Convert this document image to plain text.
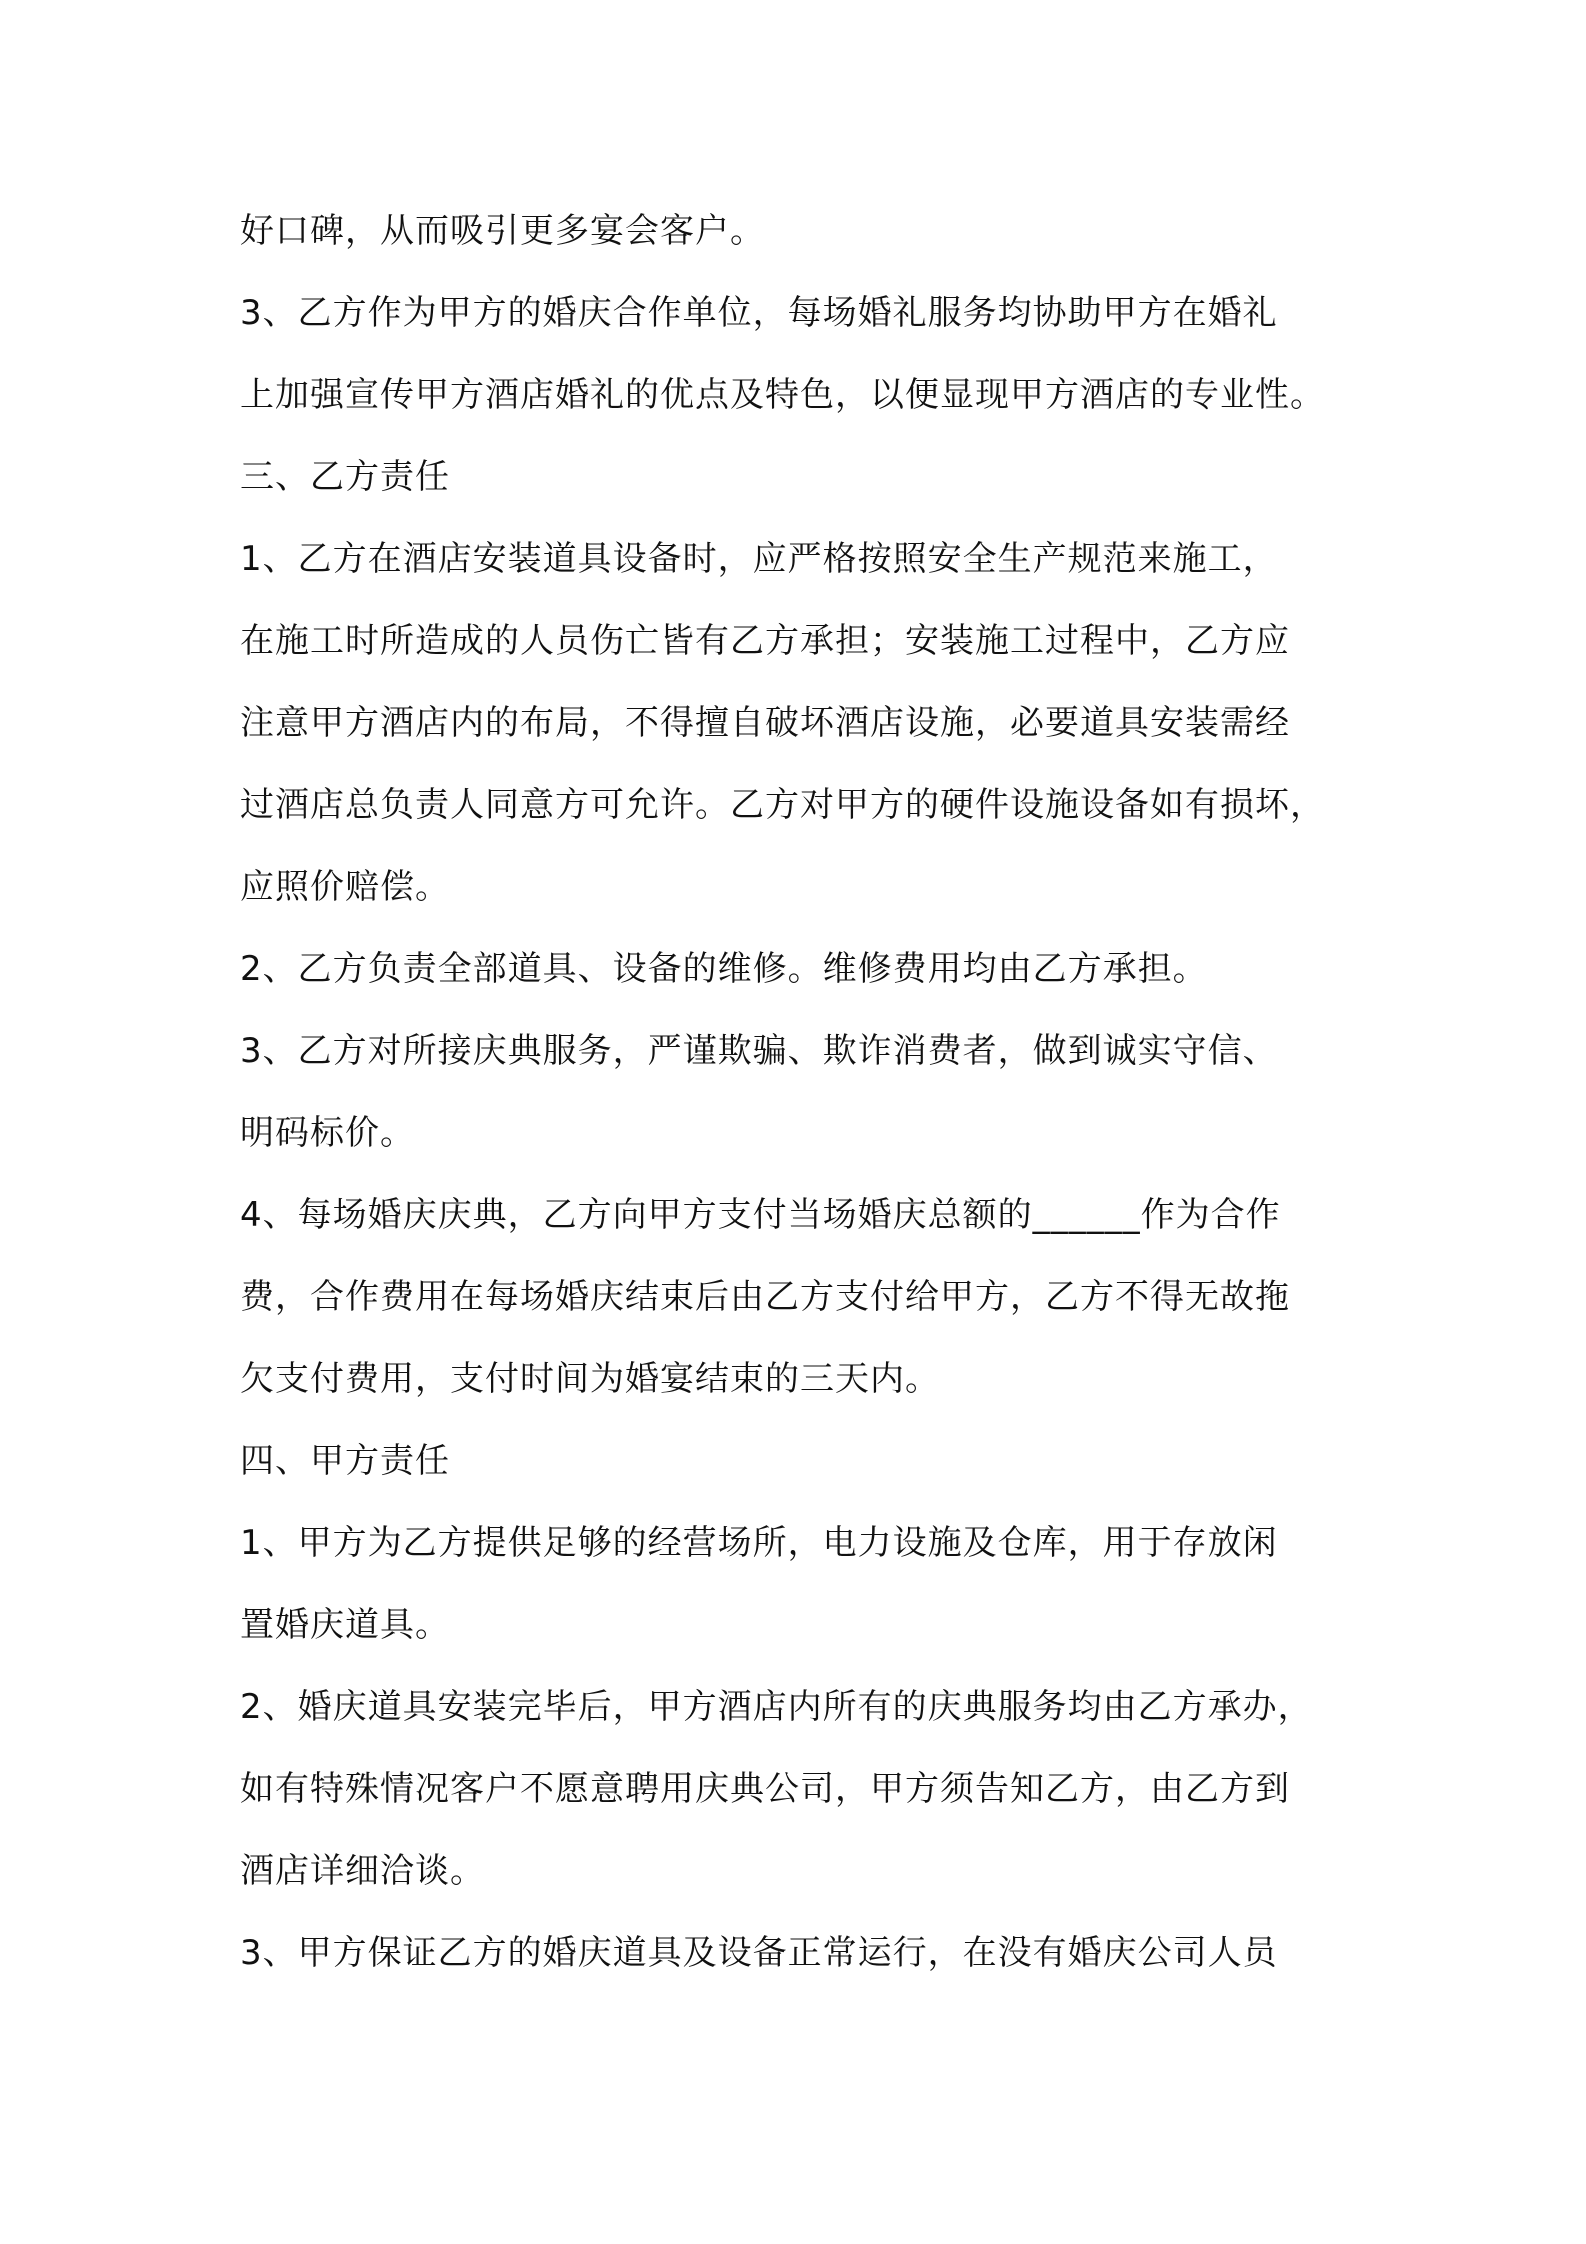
好口碑，从而吸引更多宴会客户。
3、乙方作为甲方的婚庆合作单位，每场婚礼服务均协助甲方在婚礼
上加强宣传甲方酒店婚礼的优点及特色，以便显现甲方酒店的专业性。
三、乙方责任
1、乙方在酒店安装道具设备时，应严格按照安全生产规范来施工，
在施工时所造成的人员伤亡皆有乙方承担；安装施工过程中，乙方应
注意甲方酒店内的布局，不得擅自破坏酒店设施，必要道具安装需经
过酒店总负责人同意方可允许。乙方对甲方的硬件设施设备如有损坏，
应照价赔偿。
2、乙方负责全部道具、设备的维修。维修费用均由乙方承担。
3、乙方对所接庆典服务，严谨欺骗、欺诈消费者，做到诚实守信、
明码标价。
4、每场婚庆庆典，乙方向甲方支付当场婚庆总额的______作为合作
费，合作费用在每场婚庆结束后由乙方支付给甲方，乙方不得无故拖
欠支付费用，支付时间为婚宴结束的三天内。
四、甲方责任
1、甲方为乙方提供足够的经营场所，电力设施及仓库，用于存放闲
置婚庆道具。
2、婚庆道具安装完毕后，甲方酒店内所有的庆典服务均由乙方承办，
如有特殊情况客户不愿意聘用庆典公司，甲方须告知乙方，由乙方到
酒店详细洽谈。
3、甲方保证乙方的婚庆道具及设备正常运行，在没有婚庆公司人员
